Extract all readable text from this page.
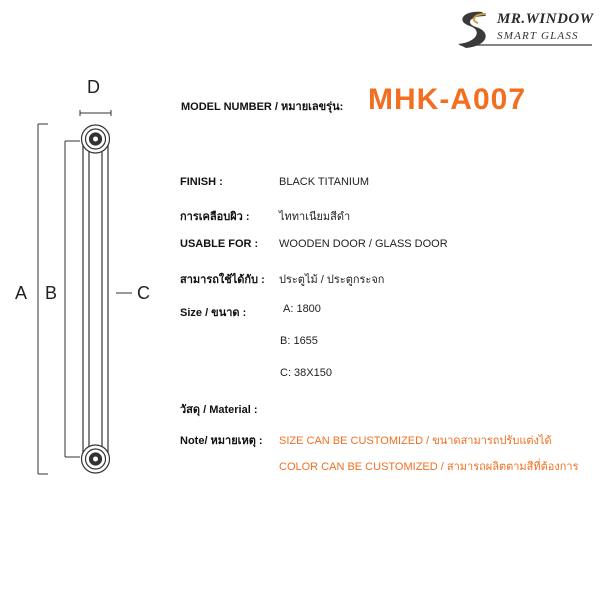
MR.WINDOW
SMART GLASS
D
A B	C
MODEL NUMBER / หมายเลขรุ่น: MHK-A007
FINISH :	BLACK TITANIUM
การเคลือบผิว :	ไททาเนียมสีดำ
USABLE FOR : WOODEN DOOR / GLASS DOOR
สามารถใช้ได้กับ : ประตูไม้ / ประตูกระจก
Size / ขนาด :	A: 1800
B: 1655
C: 38X150
วัสดุ / Material :
Note/ หมายเหตุ : SIZE CAN BE CUSTOMIZED / ขนาดสามารถปรับแต่งได้
COLOR CAN BE CUSTOMIZED / สามารถผลิตตามสีที่ต้องการ
